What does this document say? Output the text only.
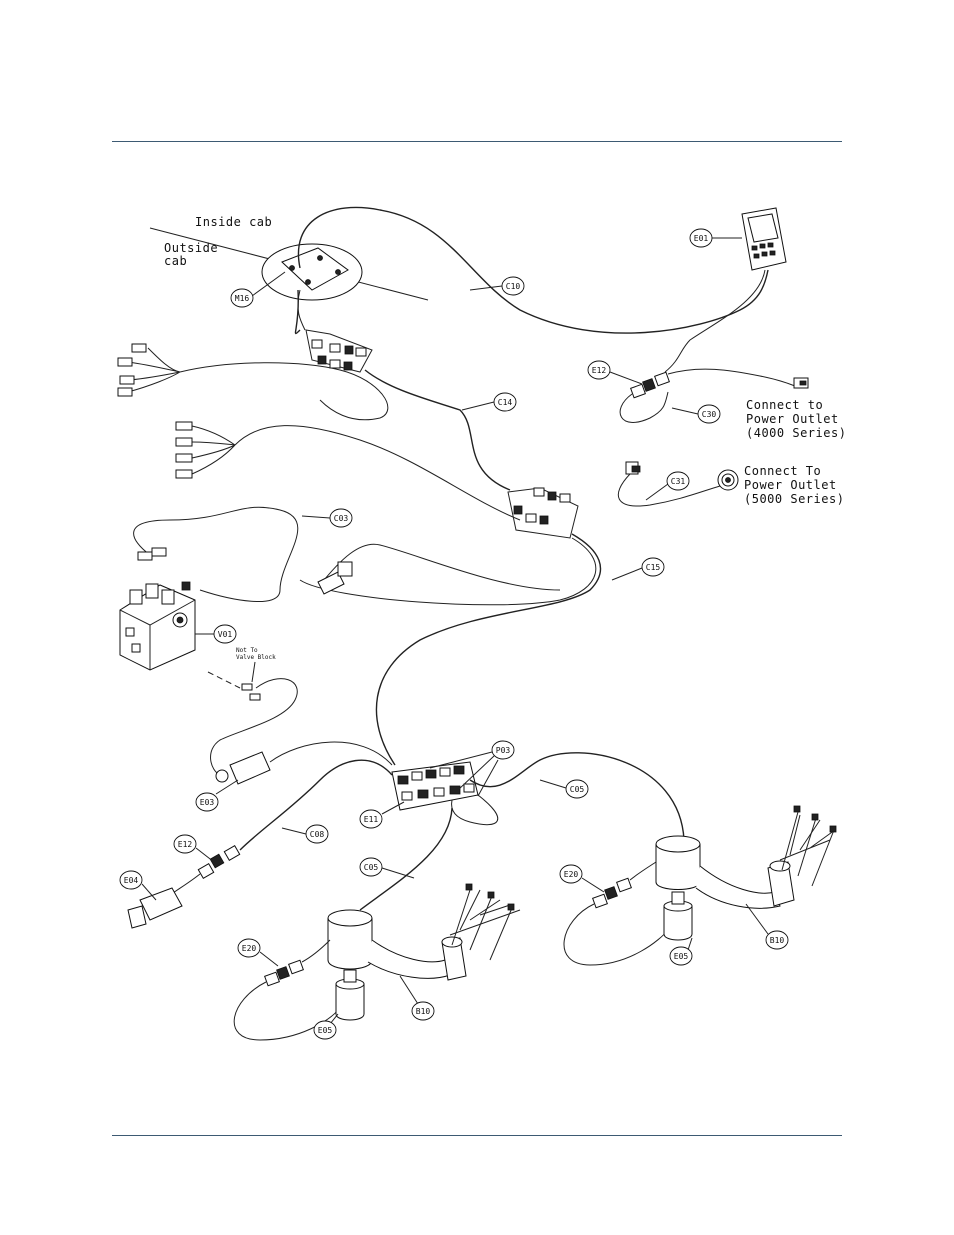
Inside cab
Outside
cab
Not To
Valve Block
Connect to
Power Outlet
(4000 Series)
Connect To
Power Outlet
(5000 Series)
E01
C10
M16
E12
C14
C30
C31
C03
C15
V01
P03
E03
C05
E11
E12
C08
C05
E04
E20
B10
E05
E20
B10
E05
